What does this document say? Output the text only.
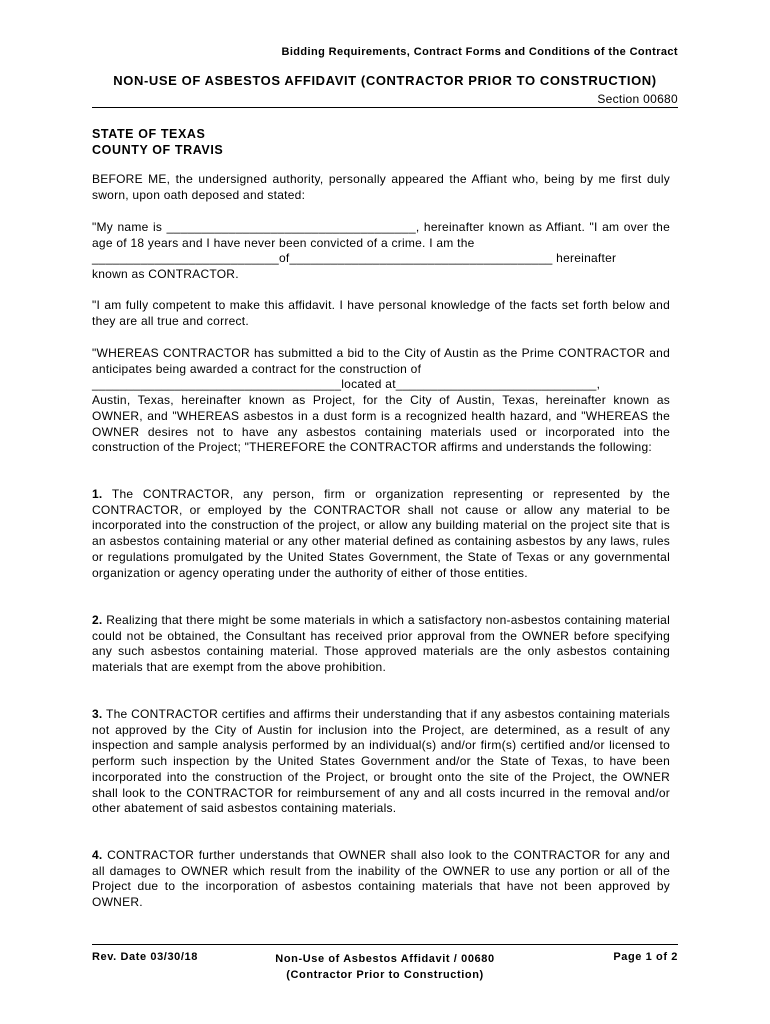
Bidding Requirements, Contract Forms and Conditions of the Contract
NON-USE OF ASBESTOS AFFIDAVIT (CONTRACTOR PRIOR TO CONSTRUCTION)
Section 00680
STATE OF TEXAS
COUNTY OF TRAVIS

BEFORE ME, the undersigned authority, personally appeared the Affiant who, being by me first duly sworn, upon oath deposed and stated:

"My name is ____________________________________, hereinafter known as Affiant. "I am over the age of 18 years and I have never been convicted of a crime. I am the

___________________________of______________________________________ hereinafter

known as CONTRACTOR.

"I am fully competent to make this affidavit. I have personal knowledge of the facts set forth below and they are all true and correct.

"WHEREAS CONTRACTOR has submitted a bid to the City of Austin as the Prime CONTRACTOR and anticipates being awarded a contract for the construction of

____________________________________located at_____________________________,

Austin, Texas, hereinafter known as Project, for the City of Austin, Texas, hereinafter known as OWNER, and "WHEREAS asbestos in a dust form is a recognized health hazard, and "WHEREAS the OWNER desires not to have any asbestos containing materials used or incorporated into the construction of the Project; "THEREFORE the CONTRACTOR affirms and understands the following:

1. The CONTRACTOR, any person, firm or organization representing or represented by the CONTRACTOR, or employed by the CONTRACTOR shall not cause or allow any material to be incorporated into the construction of the project, or allow any building material on the project site that is an asbestos containing material or any other material defined as containing asbestos by any laws, rules or regulations promulgated by the United States Government, the State of Texas or any governmental organization or agency operating under the authority of either of those entities.

2. Realizing that there might be some materials in which a satisfactory non-asbestos containing material could not be obtained, the Consultant has received prior approval from the OWNER before specifying any such asbestos containing material. Those approved materials are the only asbestos containing materials that are exempt from the above prohibition.

3. The CONTRACTOR certifies and affirms their understanding that if any asbestos containing materials not approved by the City of Austin for inclusion into the Project, are determined, as a result of any inspection and sample analysis performed by an individual(s) and/or firm(s) certified and/or licensed to perform such inspection by the United States Government and/or the State of Texas, to have been incorporated into the construction of the Project, or brought onto the site of the Project, the OWNER shall look to the CONTRACTOR for reimbursement of any and all costs incurred in the removal and/or other abatement of said asbestos containing materials.

4. CONTRACTOR further understands that OWNER shall also look to the CONTRACTOR for any and all damages to OWNER which result from the inability of the OWNER to use any portion or all of the Project due to the incorporation of asbestos containing materials that have not been approved by OWNER.

Rev. Date 03/30/18	Non-Use of Asbestos Affidavit / 00680
(Contractor Prior to Construction)
Page 1 of 2
